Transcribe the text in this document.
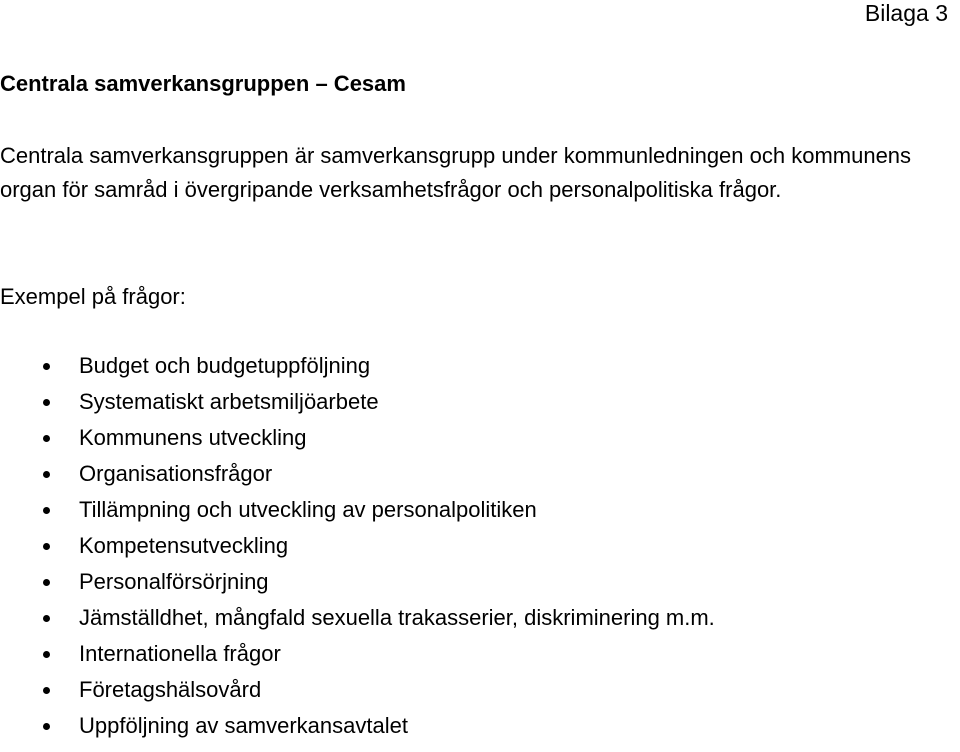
Bilaga 3
Centrala samverkansgruppen – Cesam

Centrala samverkansgruppen är samverkansgrupp under kommunledningen och kommunens organ för samråd i övergripande verksamhetsfrågor och personalpolitiska frågor.

Exempel på frågor:

Budget och budgetuppföljning
Systematiskt arbetsmiljöarbete
Kommunens utveckling
Organisationsfrågor
Tillämpning och utveckling av personalpolitiken
Kompetensutveckling
Personalförsörjning
Jämställdhet, mångfald sexuella trakasserier, diskriminering m.m.
Internationella frågor
Företagshälsovård
Uppföljning av samverkansavtalet
